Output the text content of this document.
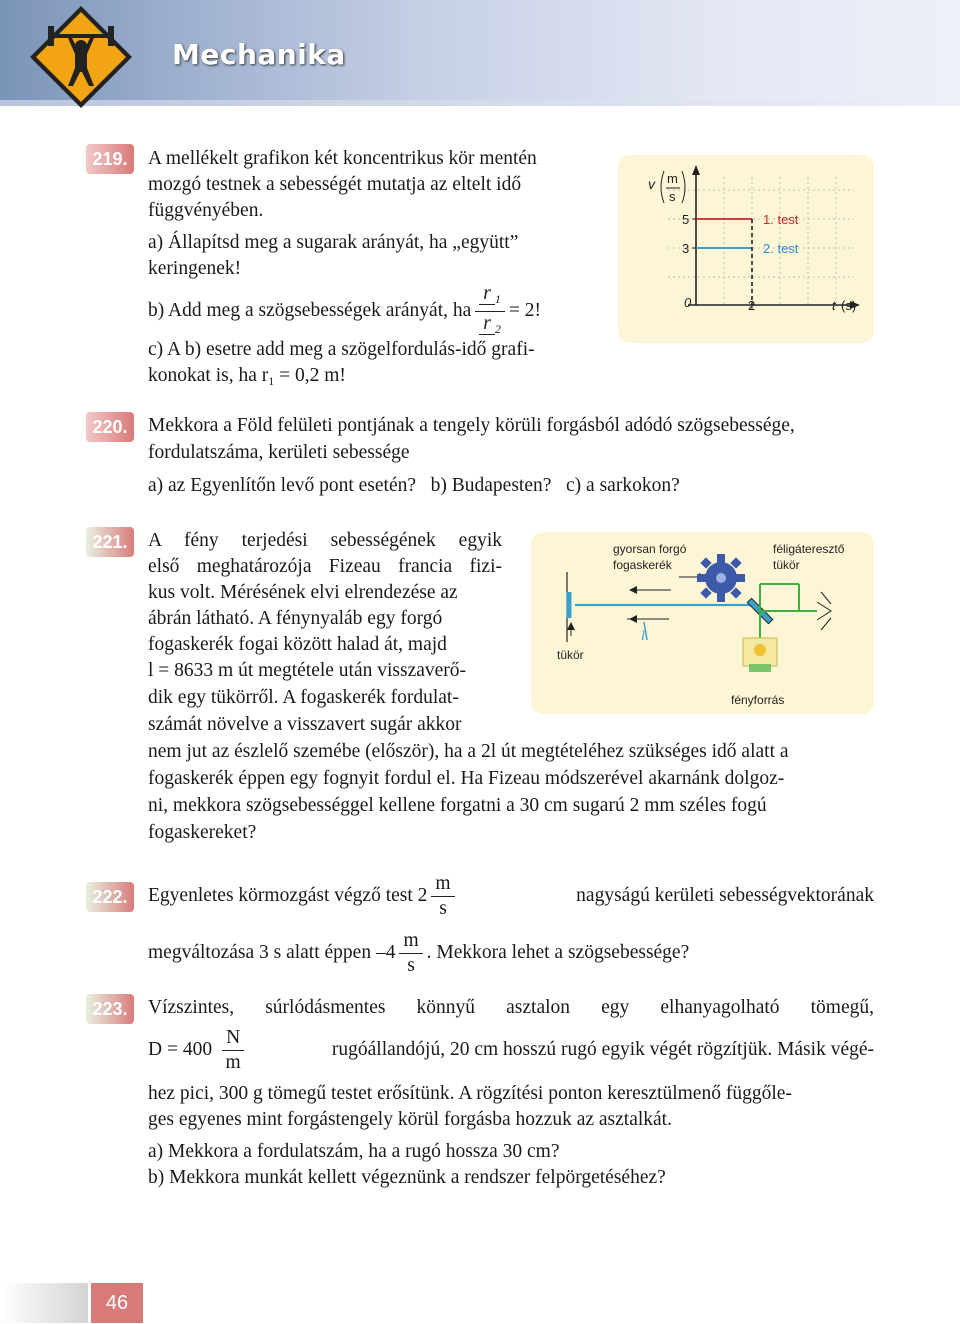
Mechanika
219.	A mellékelt grafikon két koncentrikus kör mentén
mozgó testnek a sebességét mutatja az eltelt idő
függvényében.
a) Állapítsd meg a sugarak arányát, ha „együtt”
keringenek!
b) Add meg a szögsebességek arányát, ha $\frac{r _1}{r _2} = 2$!
c) A b) esetre add meg a szögelfordulás-idő grafi-
konokat is, ha $r_1 = 0,2$ m!
v m
s
5
3
0	2	t (s)
1. test
2. test
220.	Mekkora a Föld felületi pontjának a tengely körüli forgásból adódó szögsebessége,
fordulatszáma, kerületi sebessége
a) az Egyenlítőn levő pont esetén?   b) Budapesten?   c) a sarkokon?
221.	A fény terjedési sebességének egyik
első meghatározója Fizeau francia fizi-
kus volt. Mérésének elvi elrendezése az
ábrán látható. A fénynyaláb egy forgó
fogaskerék fogai között halad át, majd
l = 8633 m út megtétele után visszaverő-
dik egy tükörről. A fogaskerék fordulat-
számát növelve a visszavert sugár akkor
nem jut az észlelő szemébe (először), ha a 2l út megtételéhez szükséges idő alatt a
fogaskerék éppen egy fognyit fordul el. Ha Fizeau módszerével akarnánk dolgoz-
ni, mekkora szögsebességgel kellene forgatni a 30 cm sugarú 2 mm széles fogú
fogaskereket?
gyorsan forgó
fogaskerék
féligáteresztő
tükör
tükör
l
fényforrás
222.	Egyenletes körmozgást végző test $2 \frac{m}{s}$	nagyságú kerületi sebességvektorának
megváltozása 3 s alatt éppen $-4 \frac{m}{s}$ . Mekkora lehet a szögsebessége?
223.	Vízszintes, súrlódásmentes könnyű asztalon egy elhanyagolható tömegű,
$D = 400 \frac{N}{m}$	rugóállandójú, 20 cm hosszú rugó egyik végét rögzítjük. Másik végé-
hez pici, 300 g tömegű testet erősítünk. A rögzítési ponton keresztülmenő függőle-
ges egyenes mint forgástengely körül forgásba hozzuk az asztalkát.
a) Mekkora a fordulatszám, ha a rugó hossza 30 cm?
b) Mekkora munkát kellett végeznünk a rendszer felpörgetéséhez?
46
